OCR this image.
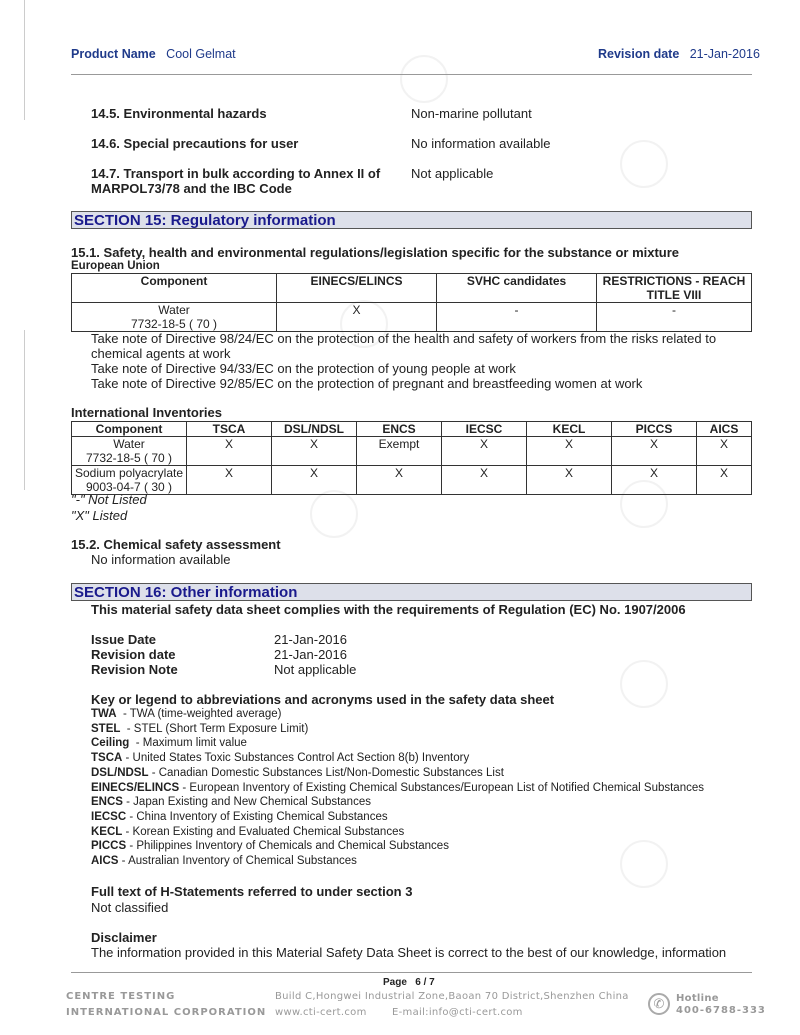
Product Name Cool Gelmat	Revision date 21-Jan-2016
14.5. Environmental hazards	Non-marine pollutant
14.6. Special precautions for user	No information available
14.7. Transport in bulk according to Annex II of
MARPOL73/78 and the IBC Code
Not applicable
SECTION 15: Regulatory information
15.1. Safety, health and environmental regulations/legislation specific for the substance or mixture
European Union
Component	EINECS/ELINCS	SVHC candidates	RESTRICTIONS - REACH
TITLE VIII
Water
7732-18-5 ( 70 )	X	-	-
Take note of Directive 98/24/EC on the protection of the health and safety of workers from the risks related to
chemical agents at work
Take note of Directive 94/33/EC on the protection of young people at work
Take note of Directive 92/85/EC on the protection of pregnant and breastfeeding women at work
International Inventories
Component	TSCA	DSL/NDSL	ENCS	IECSC	KECL	PICCS	AICS
Water
7732-18-5 ( 70 )	X	X	Exempt	X	X	X	X
Sodium polyacrylate
9003-04-7 ( 30 )	X	X	X	X	X	X	X
"-" Not Listed
"X" Listed
15.2. Chemical safety assessment
No information available
SECTION 16: Other information
This material safety data sheet complies with the requirements of Regulation (EC) No. 1907/2006
Issue Date	21-Jan-2016
Revision date	21-Jan-2016
Revision Note	Not applicable
Key or legend to abbreviations and acronyms used in the safety data sheet
TWA  - TWA (time-weighted average)
STEL  - STEL (Short Term Exposure Limit)
Ceiling  - Maximum limit value
TSCA - United States Toxic Substances Control Act Section 8(b) Inventory
DSL/NDSL - Canadian Domestic Substances List/Non-Domestic Substances List
EINECS/ELINCS - European Inventory of Existing Chemical Substances/European List of Notified Chemical Substances
ENCS - Japan Existing and New Chemical Substances
IECSC - China Inventory of Existing Chemical Substances
KECL - Korean Existing and Evaluated Chemical Substances
PICCS - Philippines Inventory of Chemicals and Chemical Substances
AICS - Australian Inventory of Chemical Substances
Full text of H-Statements referred to under section 3
Not classified
Disclaimer
The information provided in this Material Safety Data Sheet is correct to the best of our knowledge, information
Page   6 / 7
CENTRE TESTING
INTERNATIONAL CORPORATION
Build C,Hongwei Industrial Zone,Baoan 70 District,Shenzhen China
www.cti-cert.com	E-mail:info@cti-cert.com
✆	Hotline
400-6788-333
